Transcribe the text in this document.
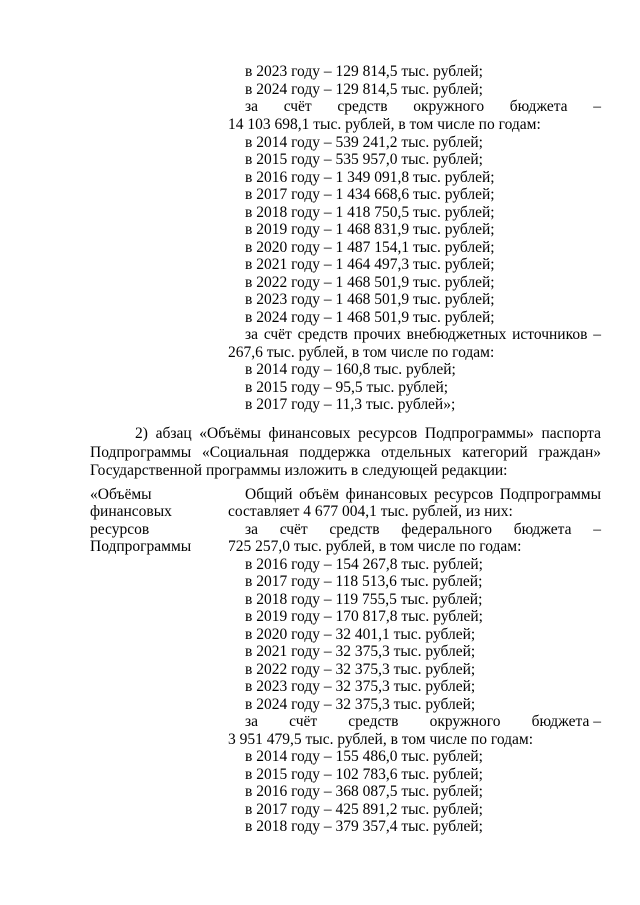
в 2023 году – 129 814,5 тыс. рублей;
в 2024 году – 129 814,5 тыс. рублей;
за счёт средств окружного бюджета –
14 103 698,1 тыс. рублей, в том числе по годам:
в 2014 году – 539 241,2 тыс. рублей;
в 2015 году – 535 957,0 тыс. рублей;
в 2016 году – 1 349 091,8 тыс. рублей;
в 2017 году – 1 434 668,6 тыс. рублей;
в 2018 году – 1 418 750,5 тыс. рублей;
в 2019 году – 1 468 831,9 тыс. рублей;
в 2020 году – 1 487 154,1 тыс. рублей;
в 2021 году – 1 464 497,3 тыс. рублей;
в 2022 году – 1 468 501,9 тыс. рублей;
в 2023 году – 1 468 501,9 тыс. рублей;
в 2024 году – 1 468 501,9 тыс. рублей;
за счёт средств прочих внебюджетных источников –
267,6 тыс. рублей, в том числе по годам:
в 2014 году – 160,8 тыс. рублей;
в 2015 году – 95,5 тыс. рублей;
в 2017 году – 11,3 тыс. рублей»;
2) абзац «Объёмы финансовых ресурсов Подпрограммы» паспорта Подпрограммы «Социальная поддержка отдельных категорий граждан» Государственной программы изложить в следующей редакции:
«Объёмы
финансовых
ресурсов
Подпрограммы
Общий объём финансовых ресурсов Подпрограммы
составляет 4 677 004,1 тыс. рублей, из них:
за счёт средств федерального бюджета –
725 257,0 тыс. рублей, в том числе по годам:
в 2016 году – 154 267,8 тыс. рублей;
в 2017 году – 118 513,6 тыс. рублей;
в 2018 году – 119 755,5 тыс. рублей;
в 2019 году – 170 817,8 тыс. рублей;
в 2020 году – 32 401,1 тыс. рублей;
в 2021 году – 32 375,3 тыс. рублей;
в 2022 году – 32 375,3 тыс. рублей;
в 2023 году – 32 375,3 тыс. рублей;
в 2024 году – 32 375,3 тыс. рублей;
за счёт средств окружного бюджета –
3 951 479,5 тыс. рублей, в том числе по годам:
в 2014 году – 155 486,0 тыс. рублей;
в 2015 году – 102 783,6 тыс. рублей;
в 2016 году – 368 087,5 тыс. рублей;
в 2017 году – 425 891,2 тыс. рублей;
в 2018 году – 379 357,4 тыс. рублей;
